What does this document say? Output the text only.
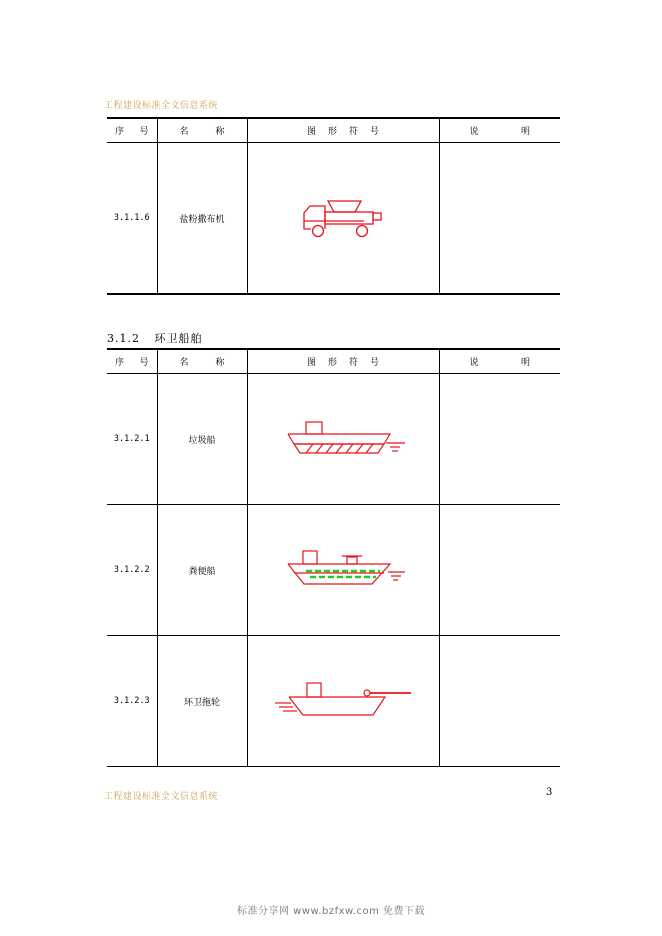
工程建设标准全文信息系统
序 号	名 称	图 形 符 号	说 明

3.1.1.6	盐粉撒布机	

3.1.2 环卫船舶
序 号	名 称	图 形 符 号	说 明

3.1.2.1	垃圾船	

3.1.2.2	粪便船	

3.1.2.3	环卫拖轮	

工程建设标准全文信息系统	3
标准分享网 www.bzfxw.com 免费下载
